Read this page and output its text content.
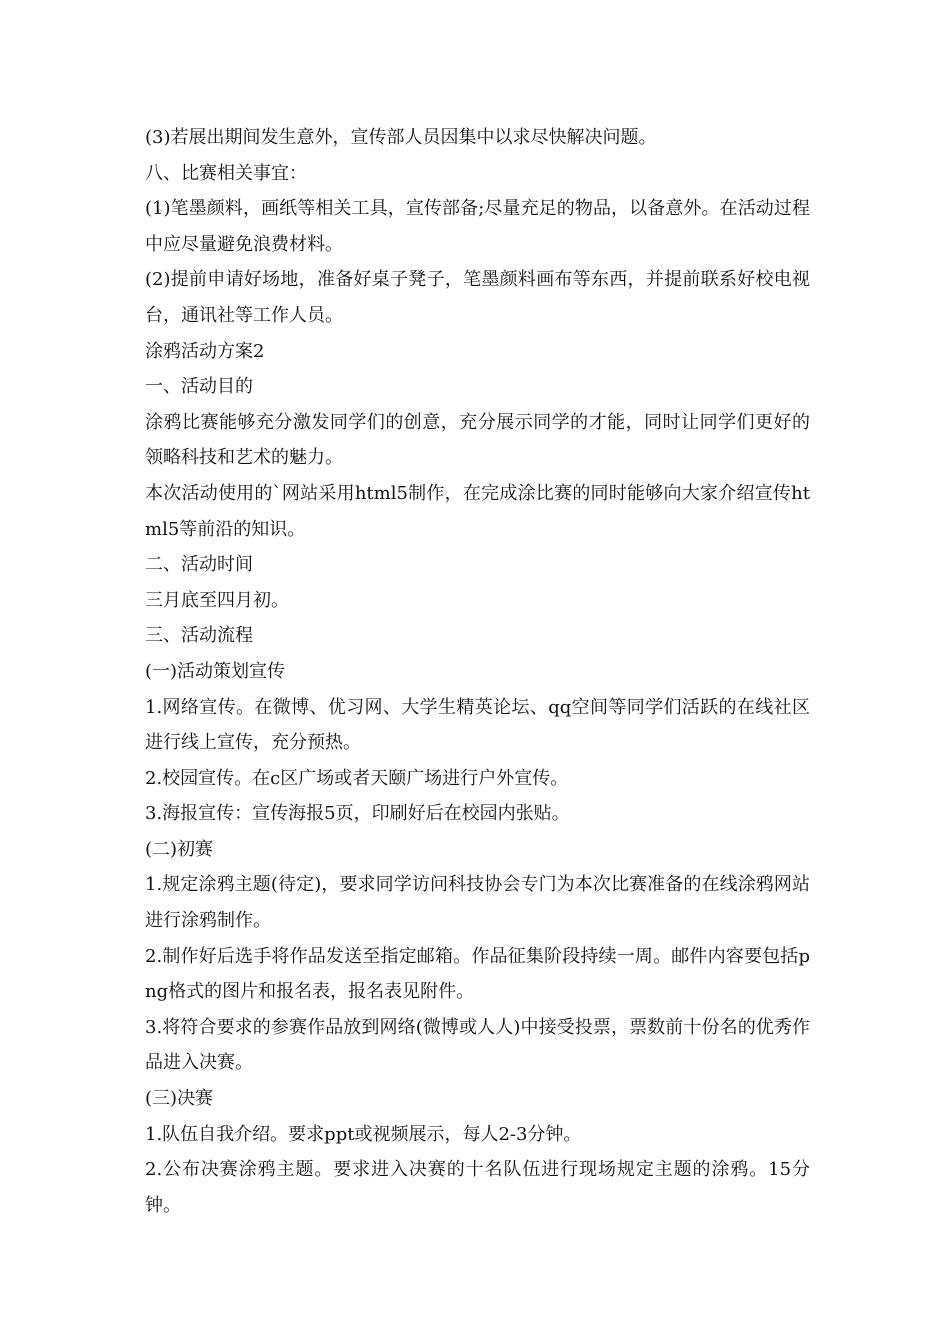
(3)若展出期间发生意外，宣传部人员因集中以求尽快解决问题。

八、比赛相关事宜：

(1)笔墨颜料，画纸等相关工具，宣传部备;尽量充足的物品，以备意外。在活动过程中应尽量避免浪费材料。

(2)提前申请好场地，准备好桌子凳子，笔墨颜料画布等东西，并提前联系好校电视台，通讯社等工作人员。

涂鸦活动方案2

一、活动目的

涂鸦比赛能够充分激发同学们的创意，充分展示同学的才能，同时让同学们更好的领略科技和艺术的魅力。

本次活动使用的`网站采用html5制作，在完成涂比赛的同时能够向大家介绍宣传html5等前沿的知识。

二、活动时间

三月底至四月初。

三、活动流程

(一)活动策划宣传

1.网络宣传。在微博、优习网、大学生精英论坛、qq空间等同学们活跃的在线社区进行线上宣传，充分预热。

2.校园宣传。在c区广场或者天颐广场进行户外宣传。

3.海报宣传：宣传海报5页，印刷好后在校园内张贴。

(二)初赛

1.规定涂鸦主题(待定)，要求同学访问科技协会专门为本次比赛准备的在线涂鸦网站进行涂鸦制作。

2.制作好后选手将作品发送至指定邮箱。作品征集阶段持续一周。邮件内容要包括png格式的图片和报名表，报名表见附件。

3.将符合要求的参赛作品放到网络(微博或人人)中接受投票，票数前十份名的优秀作品进入决赛。

(三)决赛

1.队伍自我介绍。要求ppt或视频展示，每人2-3分钟。

2.公布决赛涂鸦主题。要求进入决赛的十名队伍进行现场规定主题的涂鸦。15分钟。
